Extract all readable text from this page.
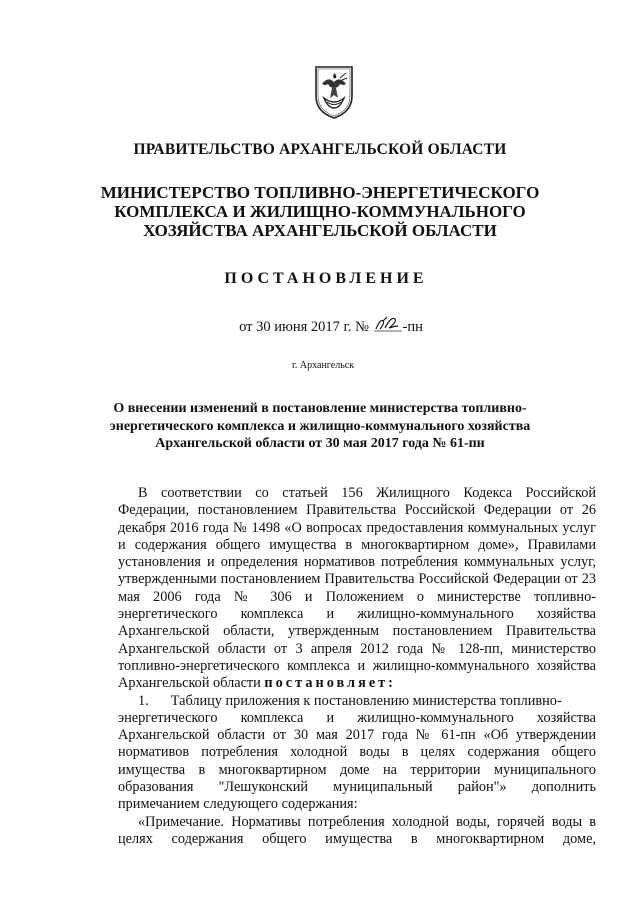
ПРАВИТЕЛЬСТВО АРХАНГЕЛЬСКОЙ ОБЛАСТИ
МИНИСТЕРСТВО ТОПЛИВНО-ЭНЕРГЕТИЧЕСКОГО
КОМПЛЕКСА И ЖИЛИЩНО-КОММУНАЛЬНОГО
ХОЗЯЙСТВА АРХАНГЕЛЬСКОЙ ОБЛАСТИ
ПОСТАНОВЛЕНИЕ
от 30 июня 2017 г. № -пн
г. Архангельск
О внесении изменений в постановление министерства топливно-
энергетического комплекса и жилищно-коммунального хозяйства
Архангельской области от 30 мая 2017 года № 61-пн
В соответствии со статьей 156 Жилищного Кодекса Российской
Федерации, постановлением Правительства Российской Федерации от 26
декабря 2016 года № 1498 «О вопросах предоставления коммунальных услуг
и содержания общего имущества в многоквартирном доме», Правилами
установления и определения нормативов потребления коммунальных услуг,
утвержденными постановлением Правительства Российской Федерации от 23
мая 2006 года № 306 и Положением о министерстве топливно-
энергетического комплекса и жилищно-коммунального хозяйства
Архангельской области, утвержденным постановлением Правительства
Архангельской области от 3 апреля 2012 года № 128-пп, министерство
топливно-энергетического комплекса и жилищно-коммунального хозяйства
Архангельской области постановляет:
1. Таблицу приложения к постановлению министерства топливно-
энергетического комплекса и жилищно-коммунального хозяйства
Архангельской области от 30 мая 2017 года № 61-пн «Об утверждении
нормативов потребления холодной воды в целях содержания общего
имущества в многоквартирном доме на территории муниципального
образования "Лешуконский муниципальный район"» дополнить
примечанием следующего содержания:
«Примечание. Нормативы потребления холодной воды, горячей воды в
целях содержания общего имущества в многоквартирном доме,
